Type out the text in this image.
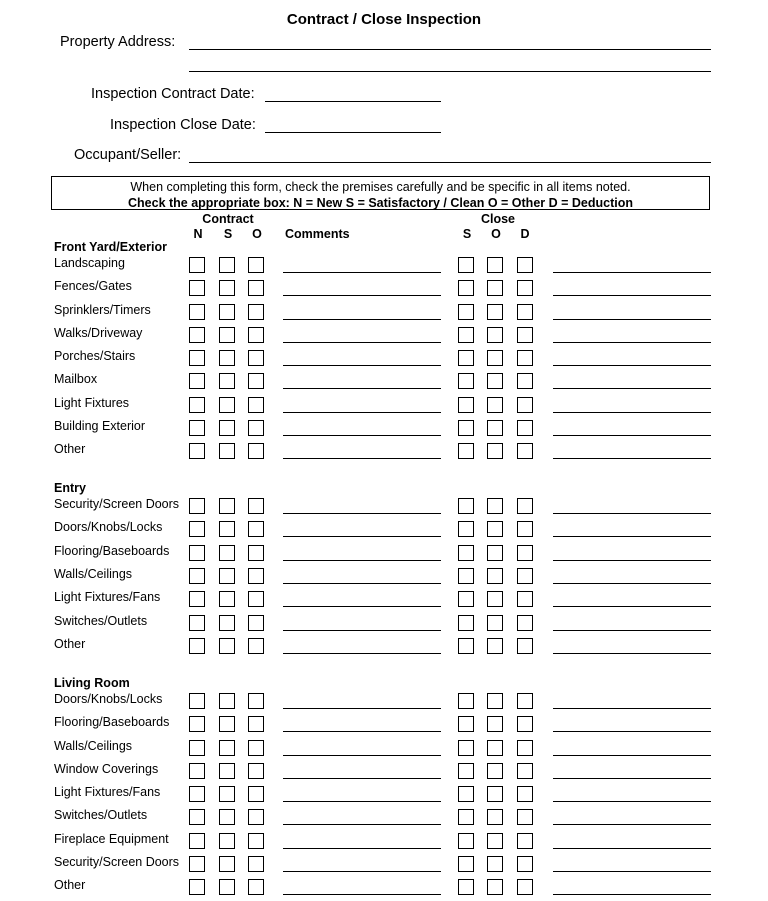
Contract / Close Inspection
Property Address:
Inspection Contract Date:
Inspection Close Date:
Occupant/Seller:
When completing this form, check the premises carefully and be specific in all items noted.
Check the appropriate box: N = New S = Satisfactory / Clean O = Other D = Deduction
Contract
N S O Comments
Close
S O D
Front Yard/Exterior
Landscaping
Fences/Gates
Sprinklers/Timers
Walks/Driveway
Porches/Stairs
Mailbox
Light Fixtures
Building Exterior
Other
Entry
Security/Screen Doors
Doors/Knobs/Locks
Flooring/Baseboards
Walls/Ceilings
Light Fixtures/Fans
Switches/Outlets
Other
Living Room
Doors/Knobs/Locks
Flooring/Baseboards
Walls/Ceilings
Window Coverings
Light Fixtures/Fans
Switches/Outlets
Fireplace Equipment
Security/Screen Doors
Other
